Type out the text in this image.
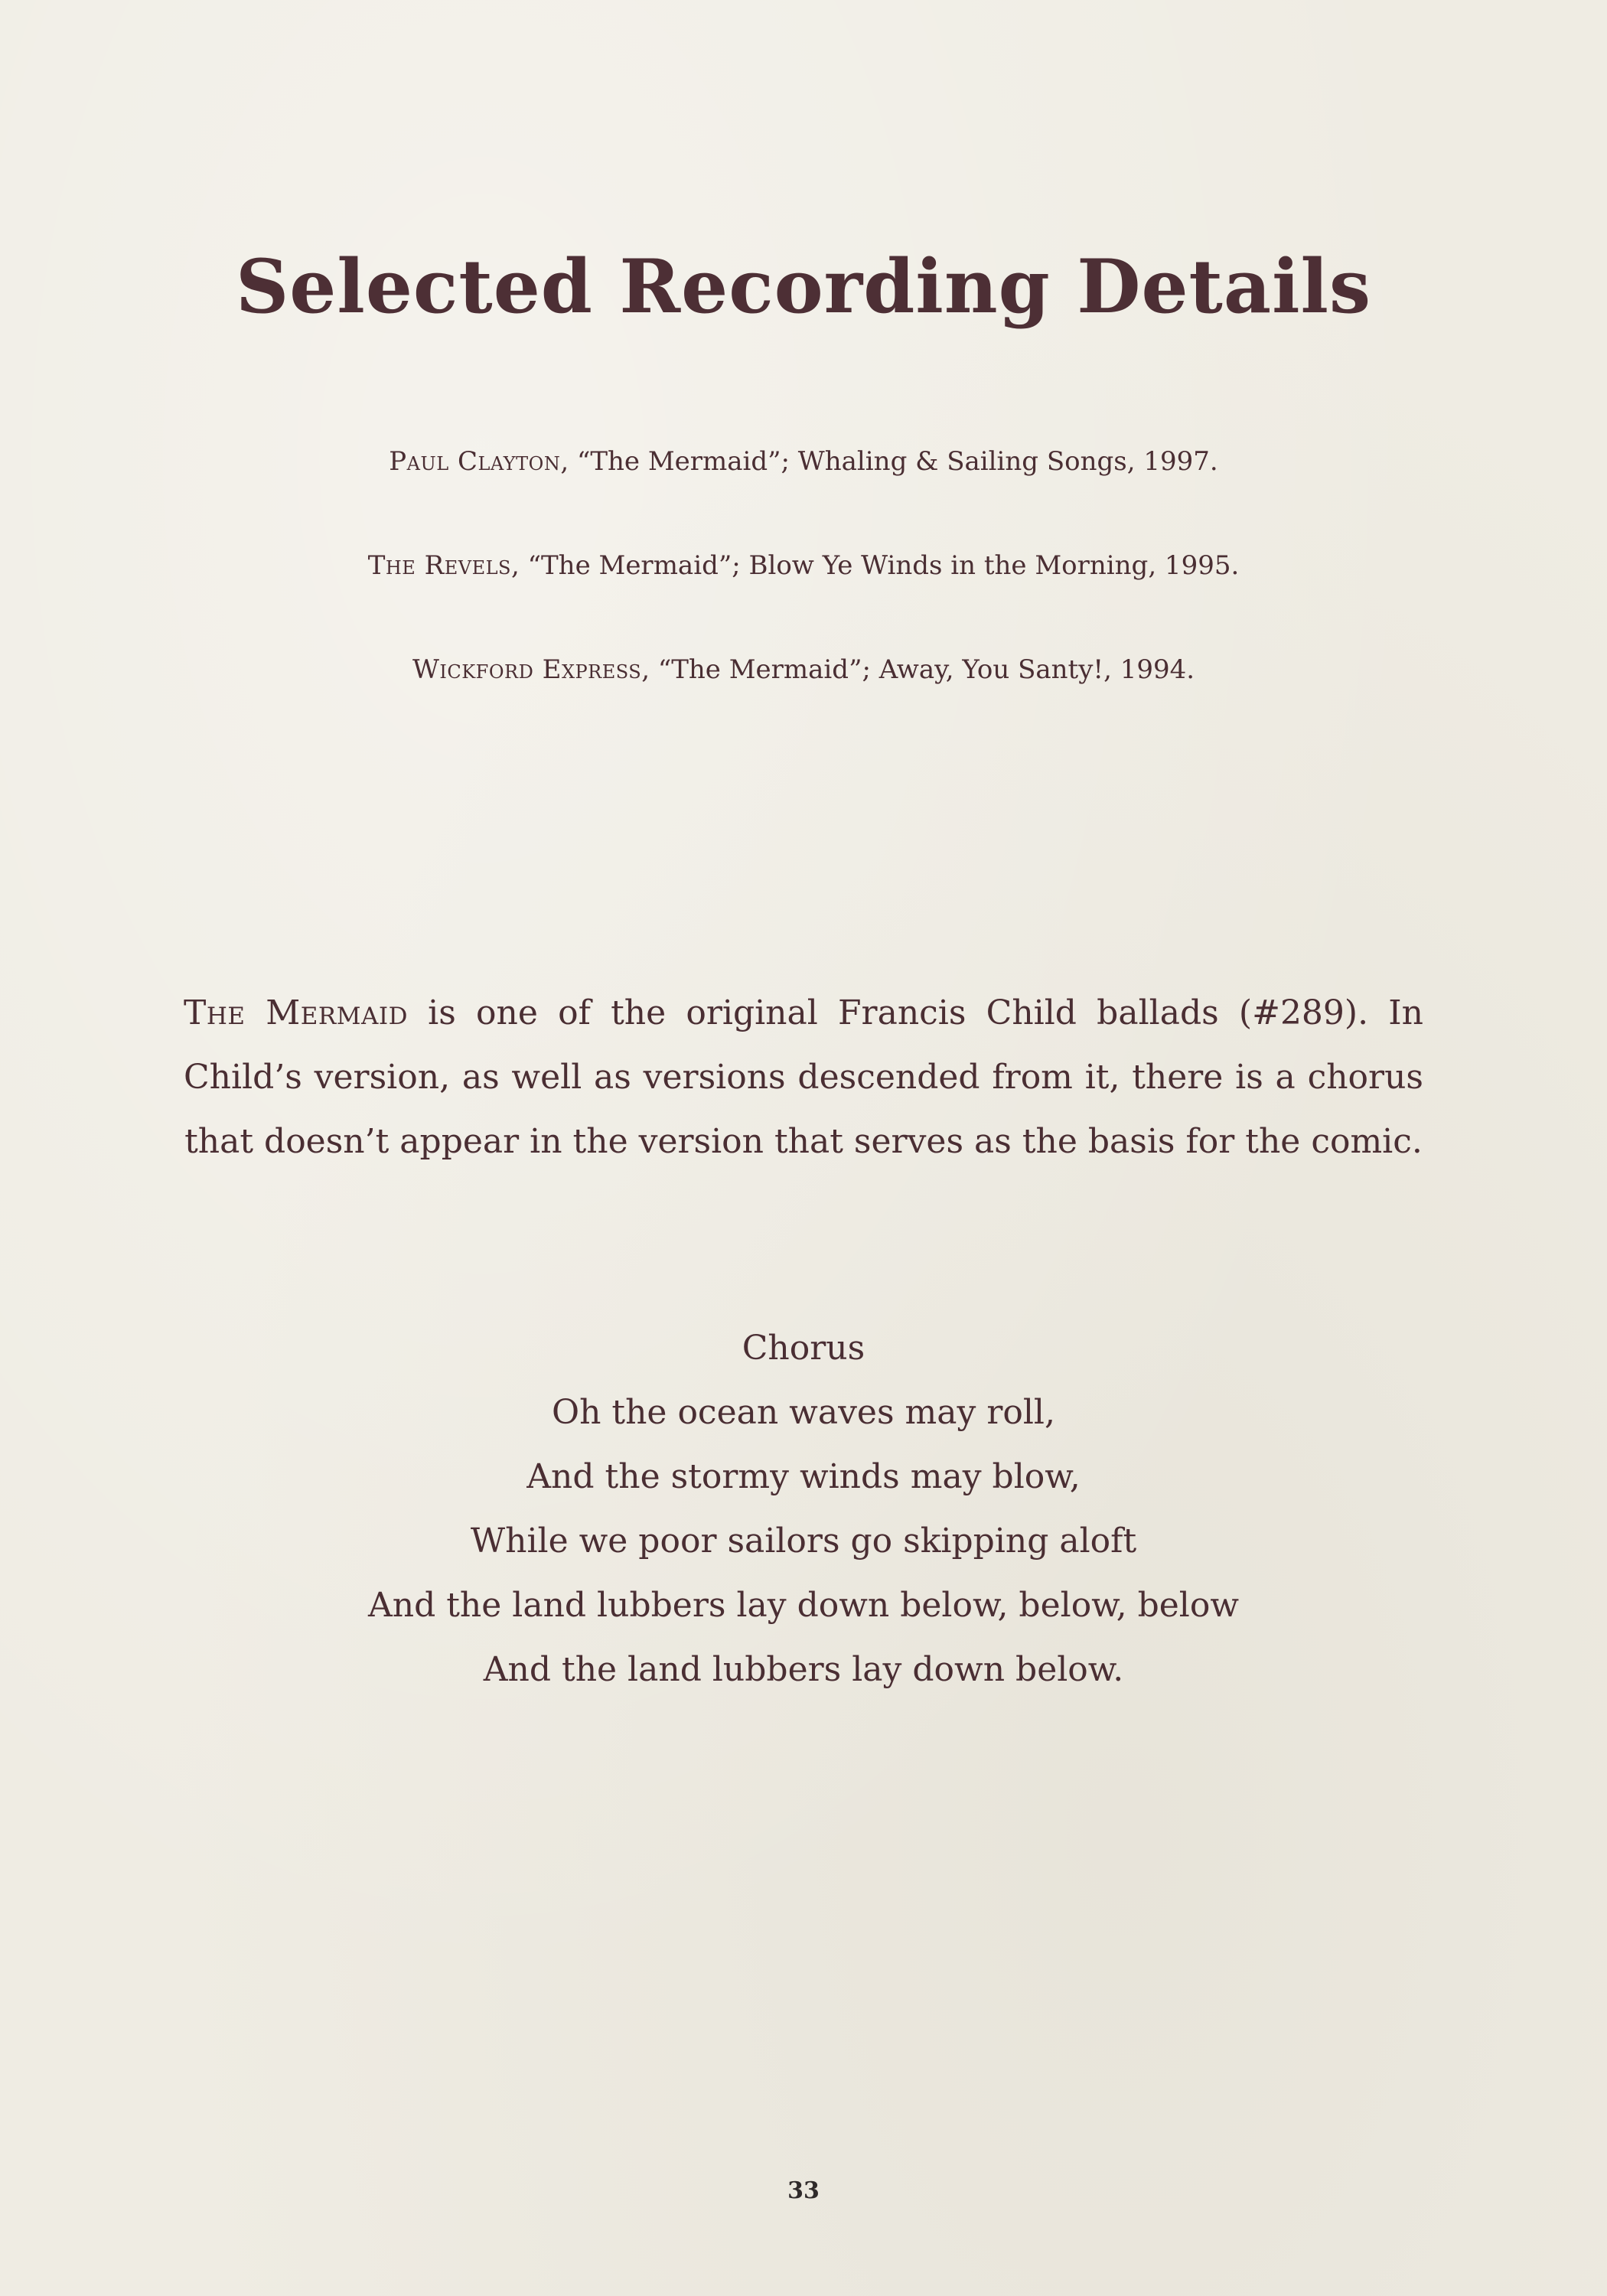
Selected Recording Details
Paul Clayton, “The Mermaid”; Whaling & Sailing Songs, 1997.
The Revels, “The Mermaid”; Blow Ye Winds in the Morning, 1995.
Wickford Express, “The Mermaid”; Away, You Santy!, 1994.

The Mermaid is one of the original Francis Child ballads (#289). In Child’s version, as well as versions descended from it, there is a chorus that doesn’t appear in the version that serves as the basis for the comic.

Chorus
Oh the ocean waves may roll,
And the stormy winds may blow,
While we poor sailors go skipping aloft
And the land lubbers lay down below, below, below
And the land lubbers lay down below.
33
